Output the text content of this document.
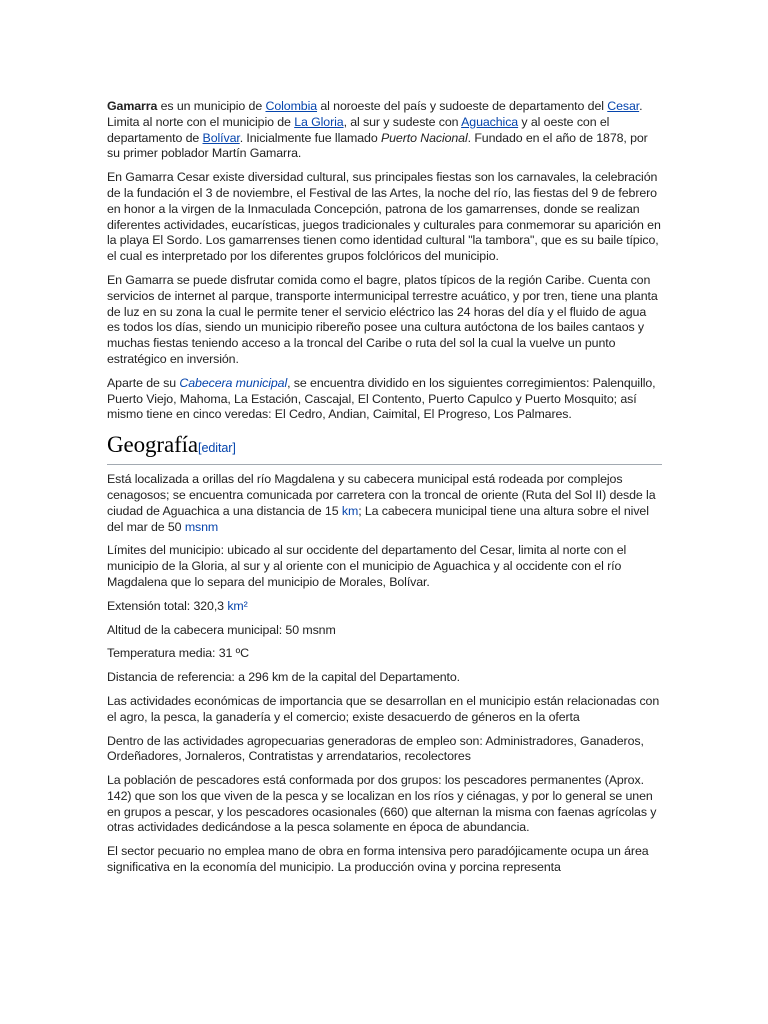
Gamarra es un municipio de Colombia al noroeste del país y sudoeste de departamento del Cesar. Limita al norte con el municipio de La Gloria, al sur y sudeste con Aguachica y al oeste con el departamento de Bolívar. Inicialmente fue llamado Puerto Nacional. Fundado en el año de 1878, por su primer poblador Martín Gamarra.

En Gamarra Cesar existe diversidad cultural, sus principales fiestas son los carnavales, la celebración de la fundación el 3 de noviembre, el Festival de las Artes, la noche del río, las fiestas del 9 de febrero en honor a la virgen de la Inmaculada Concepción, patrona de los gamarrenses, donde se realizan diferentes actividades, eucarísticas, juegos tradicionales y culturales para conmemorar su aparición en la playa El Sordo. Los gamarrenses tienen como identidad cultural "la tambora", que es su baile típico, el cual es interpretado por los diferentes grupos folclóricos del municipio.

En Gamarra se puede disfrutar comida como el bagre, platos típicos de la región Caribe. Cuenta con servicios de internet al parque, transporte intermunicipal terrestre acuático, y por tren, tiene una planta de luz en su zona la cual le permite tener el servicio eléctrico las 24 horas del día y el fluido de agua es todos los días, siendo un municipio ribereño posee una cultura autóctona de los bailes cantaos y muchas fiestas teniendo acceso a la troncal del Caribe o ruta del sol la cual la vuelve un punto estratégico en inversión.

Aparte de su Cabecera municipal, se encuentra dividido en los siguientes corregimientos: Palenquillo, Puerto Viejo, Mahoma, La Estación, Cascajal, El Contento, Puerto Capulco y Puerto Mosquito; así mismo tiene en cinco veredas: El Cedro, Andian, Caimital, El Progreso, Los Palmares.

Geografía[editar]

Está localizada a orillas del río Magdalena y su cabecera municipal está rodeada por complejos cenagosos; se encuentra comunicada por carretera con la troncal de oriente (Ruta del Sol II) desde la ciudad de Aguachica a una distancia de 15 km; La cabecera municipal tiene una altura sobre el nivel del mar de 50 msnm

Límites del municipio: ubicado al sur occidente del departamento del Cesar, limita al norte con el municipio de la Gloria, al sur y al oriente con el municipio de Aguachica y al occidente con el río Magdalena que lo separa del municipio de Morales, Bolívar.

Extensión total: 320,3 km²

Altitud de la cabecera municipal: 50 msnm

Temperatura media: 31 ºC

Distancia de referencia: a 296 km de la capital del Departamento.

Las actividades económicas de importancia que se desarrollan en el municipio están relacionadas con el agro, la pesca, la ganadería y el comercio; existe desacuerdo de géneros en la oferta

Dentro de las actividades agropecuarias generadoras de empleo son: Administradores, Ganaderos, Ordeñadores, Jornaleros, Contratistas y arrendatarios, recolectores

La población de pescadores está conformada por dos grupos: los pescadores permanentes (Aprox. 142) que son los que viven de la pesca y se localizan en los ríos y ciénagas, y por lo general se unen en grupos a pescar, y los pescadores ocasionales (660) que alternan la misma con faenas agrícolas y otras actividades dedicándose a la pesca solamente en época de abundancia.

El sector pecuario no emplea mano de obra en forma intensiva pero paradójicamente ocupa un área significativa en la economía del municipio. La producción ovina y porcina representa
